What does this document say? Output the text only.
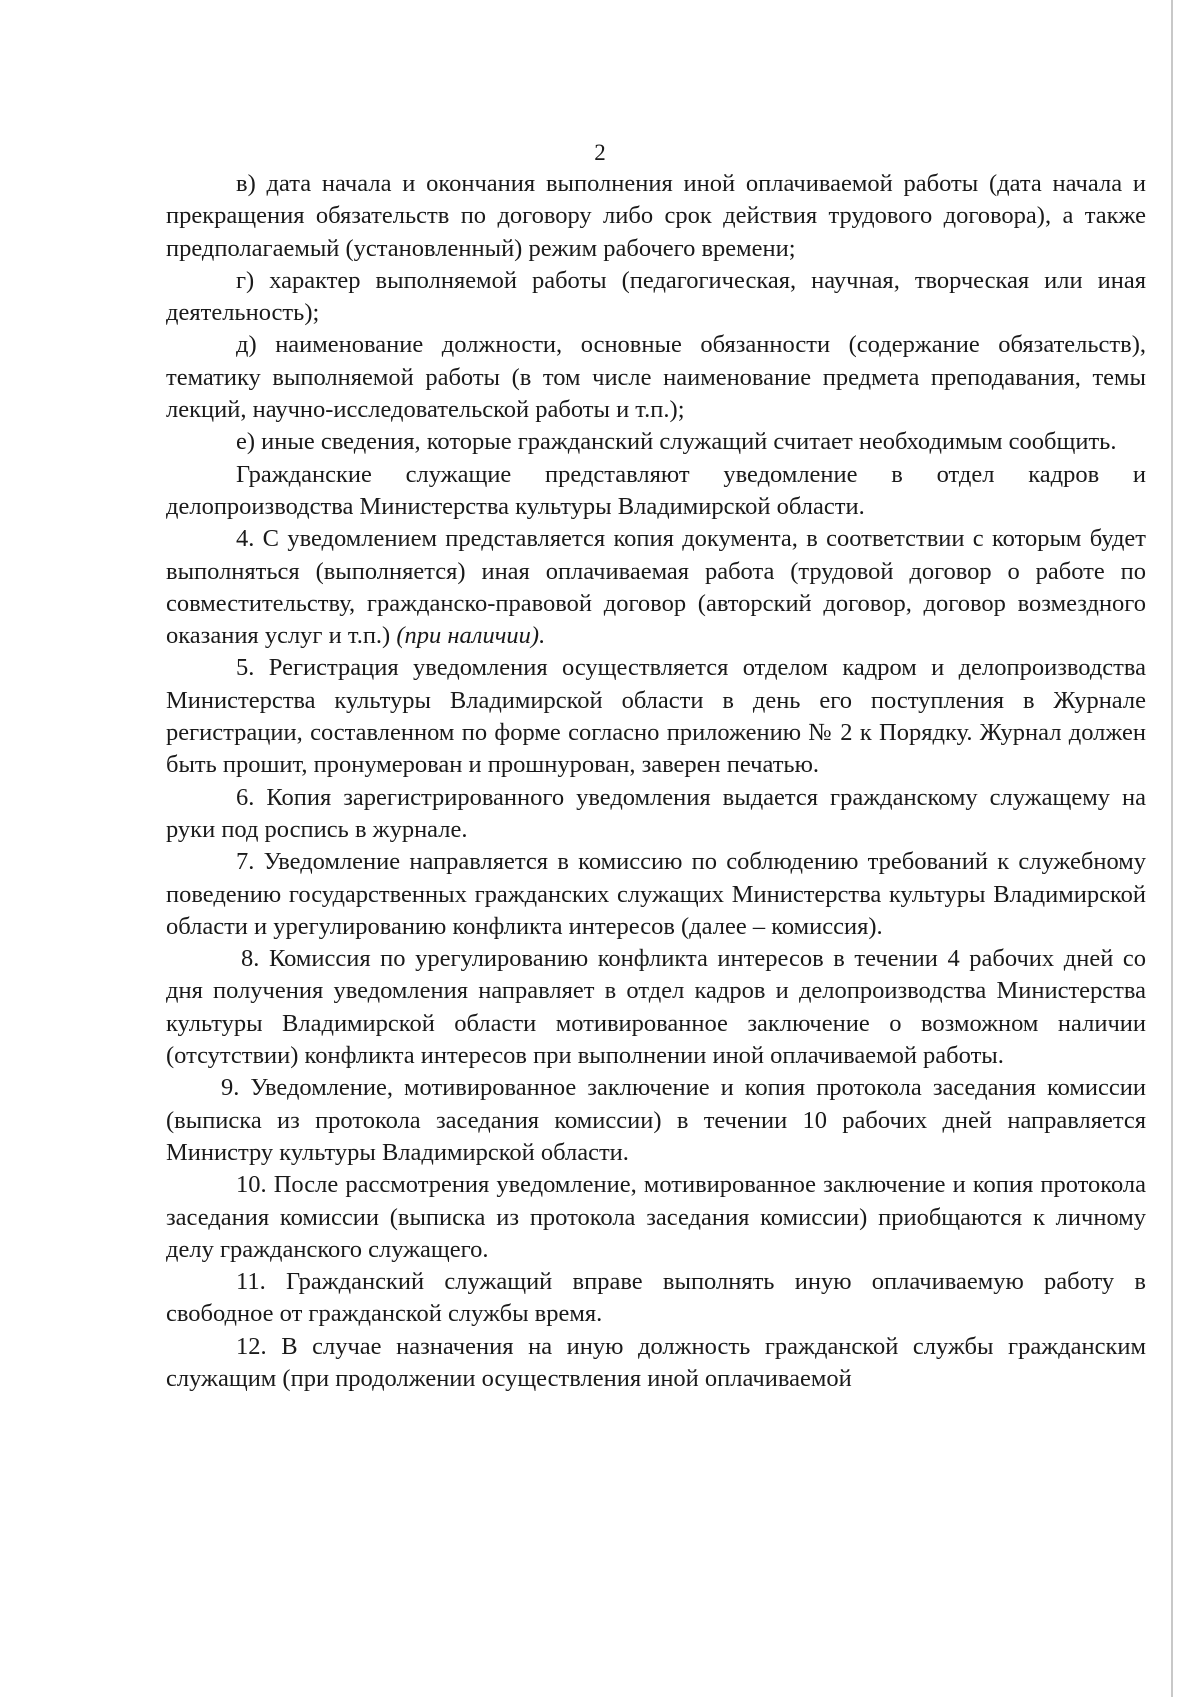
2

в) дата начала и окончания выполнения иной оплачиваемой работы (дата начала и прекращения обязательств по договору либо срок действия трудового договора), а также предполагаемый (установленный) режим рабочего времени;

г) характер выполняемой работы (педагогическая, научная, творческая или иная деятельность);

д) наименование должности, основные обязанности (содержание обязательств), тематику выполняемой работы (в том числе наименование предмета преподавания, темы лекций, научно-исследовательской работы и т.п.);

е) иные сведения, которые гражданский служащий считает необходимым сообщить.

Гражданские служащие представляют уведомление в отдел кадров и делопроизводства Министерства культуры Владимирской области.

4. С уведомлением представляется копия документа, в соответствии с которым будет выполняться (выполняется) иная оплачиваемая работа (трудовой договор о работе по совместительству, гражданско-правовой договор (авторский договор, договор возмездного оказания услуг и т.п.) (при наличии).

5. Регистрация уведомления осуществляется отделом кадром и делопроизводства Министерства культуры Владимирской области в день его поступления в Журнале регистрации, составленном по форме согласно приложению № 2 к Порядку. Журнал должен быть прошит, пронумерован и прошнурован, заверен печатью.

6. Копия зарегистрированного уведомления выдается гражданскому служащему на руки под роспись в журнале.

7. Уведомление направляется в комиссию по соблюдению требований к служебному поведению государственных гражданских служащих Министерства культуры Владимирской области и урегулированию конфликта интересов (далее – комиссия).

8. Комиссия по урегулированию конфликта интересов в течении 4 рабочих дней со дня получения уведомления направляет в отдел кадров и делопроизводства Министерства культуры Владимирской области мотивированное заключение о возможном наличии (отсутствии) конфликта интересов при выполнении иной оплачиваемой работы.

9. Уведомление, мотивированное заключение и копия протокола заседания комиссии (выписка из протокола заседания комиссии) в течении 10 рабочих дней направляется Министру культуры Владимирской области.

10. После рассмотрения уведомление, мотивированное заключение и копия протокола заседания комиссии (выписка из протокола заседания комиссии) приобщаются к личному делу гражданского служащего.

11. Гражданский служащий вправе выполнять иную оплачиваемую работу в свободное от гражданской службы время.

12. В случае назначения на иную должность гражданской службы гражданским служащим (при продолжении осуществления иной оплачиваемой
